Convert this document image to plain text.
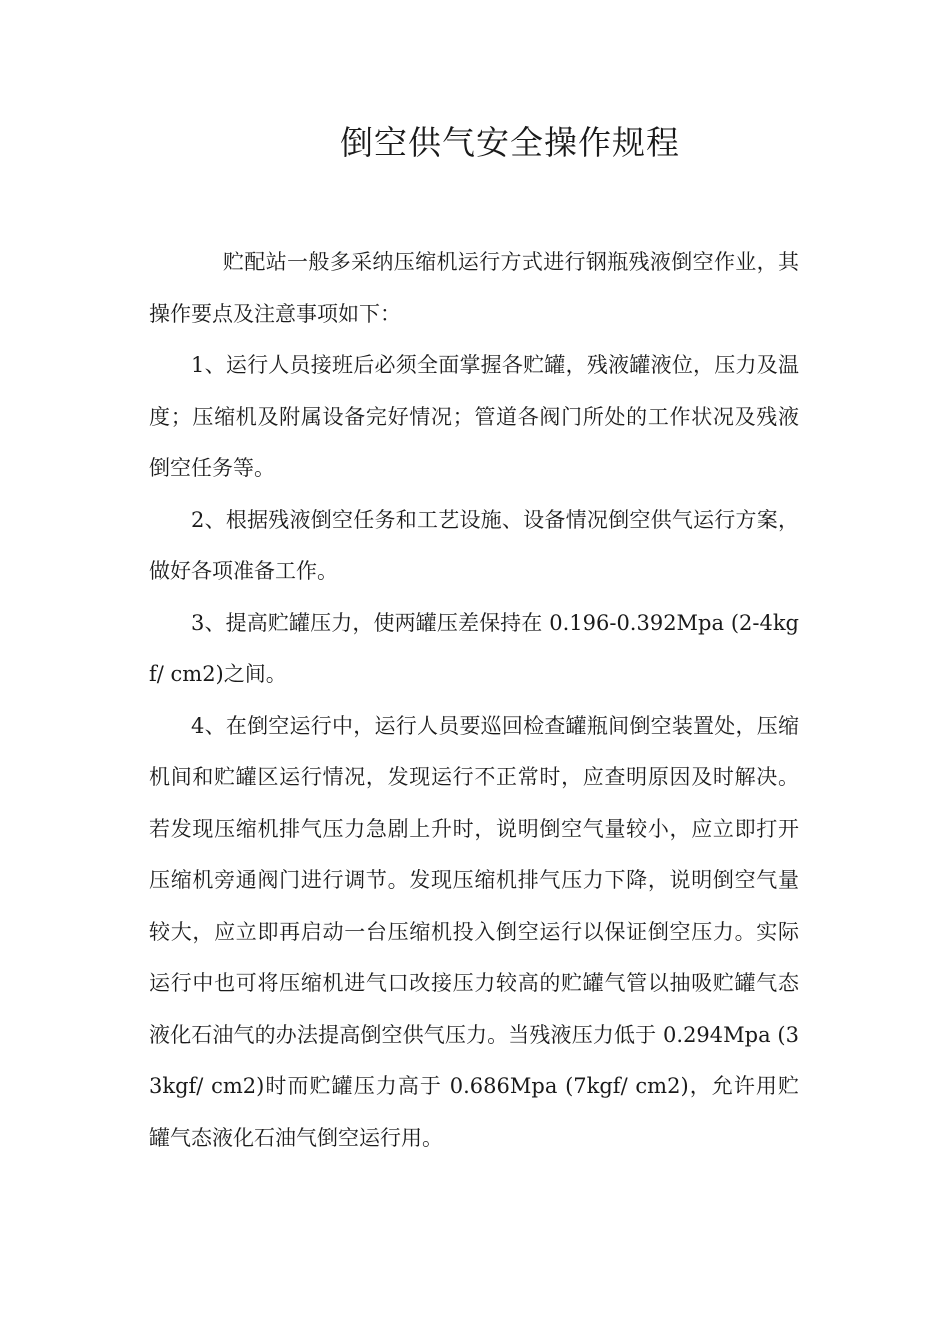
倒空供气安全操作规程

贮配站一般多采纳压缩机运行方式进行钢瓶残液倒空作业，其操作要点及注意事项如下：

1、运行人员接班后必须全面掌握各贮罐，残液罐液位，压力及温度；压缩机及附属设备完好情况；管道各阀门所处的工作状况及残液倒空任务等。

2、根据残液倒空任务和工艺设施、设备情况倒空供气运行方案，做好各项准备工作。

3、提高贮罐压力，使两罐压差保持在 0.196-0.392Mpa (2-4kgf/ cm2)之间。

4、在倒空运行中，运行人员要巡回检查罐瓶间倒空装置处，压缩机间和贮罐区运行情况，发现运行不正常时，应查明原因及时解决。若发现压缩机排气压力急剧上升时，说明倒空气量较小，应立即打开压缩机旁通阀门进行调节。发现压缩机排气压力下降，说明倒空气量较大，应立即再启动一台压缩机投入倒空运行以保证倒空压力。实际运行中也可将压缩机进气口改接压力较高的贮罐气管以抽吸贮罐气态液化石油气的办法提高倒空供气压力。当残液压力低于 0.294Mpa (33kgf/ cm2)时而贮罐压力高于 0.686Mpa (7kgf/ cm2)，允许用贮罐气态液化石油气倒空运行用。
